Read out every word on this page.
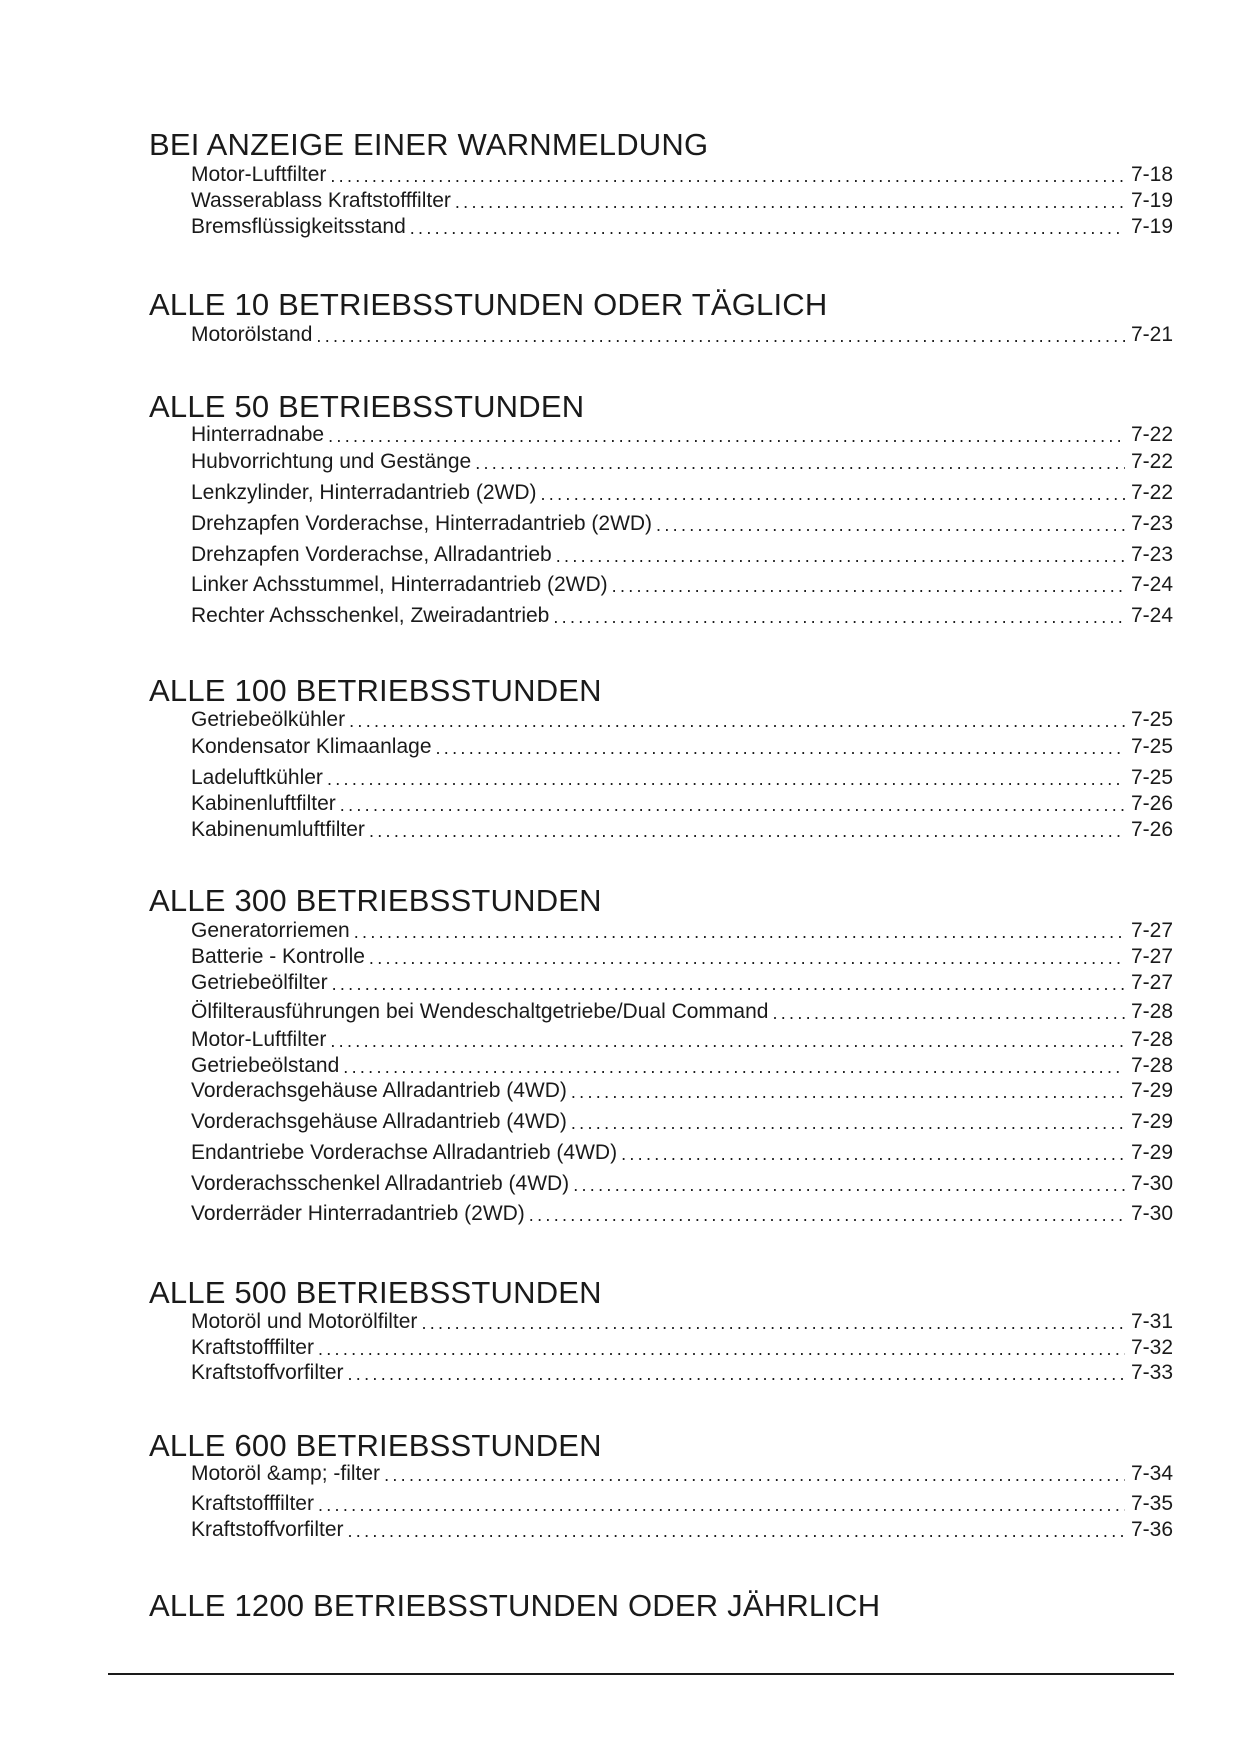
BEI ANZEIGE EINER WARNMELDUNG
Motor-Luftfilter .....	7-18
Wasserablass Kraftstofffilter .....	7-19
Bremsflüssigkeitsstand .....	7-19
ALLE 10 BETRIEBSSTUNDEN ODER TÄGLICH
Motorölstand .....	7-21
ALLE 50 BETRIEBSSTUNDEN
Hinterradnabe .....	7-22
Hubvorrichtung und Gestänge .....	7-22
Lenkzylinder, Hinterradantrieb (2WD) .....	7-22
Drehzapfen Vorderachse, Hinterradantrieb (2WD) .....	7-23
Drehzapfen Vorderachse, Allradantrieb .....	7-23
Linker Achsstummel, Hinterradantrieb (2WD) .....	7-24
Rechter Achsschenkel, Zweiradantrieb .....	7-24
ALLE 100 BETRIEBSSTUNDEN
Getriebeölkühler .....	7-25
Kondensator Klimaanlage .....	7-25
Ladeluftkühler .....	7-25
Kabinenluftfilter .....	7-26
Kabinenumluftfilter .....	7-26
ALLE 300 BETRIEBSSTUNDEN
Generatorriemen .....	7-27
Batterie - Kontrolle .....	7-27
Getriebeölfilter .....	7-27
Ölfilterausführungen bei Wendeschaltgetriebe/Dual Command .....	7-28
Motor-Luftfilter .....	7-28
Getriebeölstand .....	7-28
Vorderachsgehäuse Allradantrieb (4WD) .....	7-29
Vorderachsgehäuse Allradantrieb (4WD) .....	7-29
Endantriebe Vorderachse Allradantrieb (4WD) .....	7-29
Vorderachsschenkel Allradantrieb (4WD) .....	7-30
Vorderräder Hinterradantrieb (2WD) .....	7-30
ALLE 500 BETRIEBSSTUNDEN
Motoröl und Motorölfilter .....	7-31
Kraftstofffilter .....	7-32
Kraftstoffvorfilter .....	7-33
ALLE 600 BETRIEBSSTUNDEN
Motoröl &amp; -filter .....	7-34
Kraftstofffilter .....	7-35
Kraftstoffvorfilter .....	7-36
ALLE 1200 BETRIEBSSTUNDEN ODER JÄHRLICH
